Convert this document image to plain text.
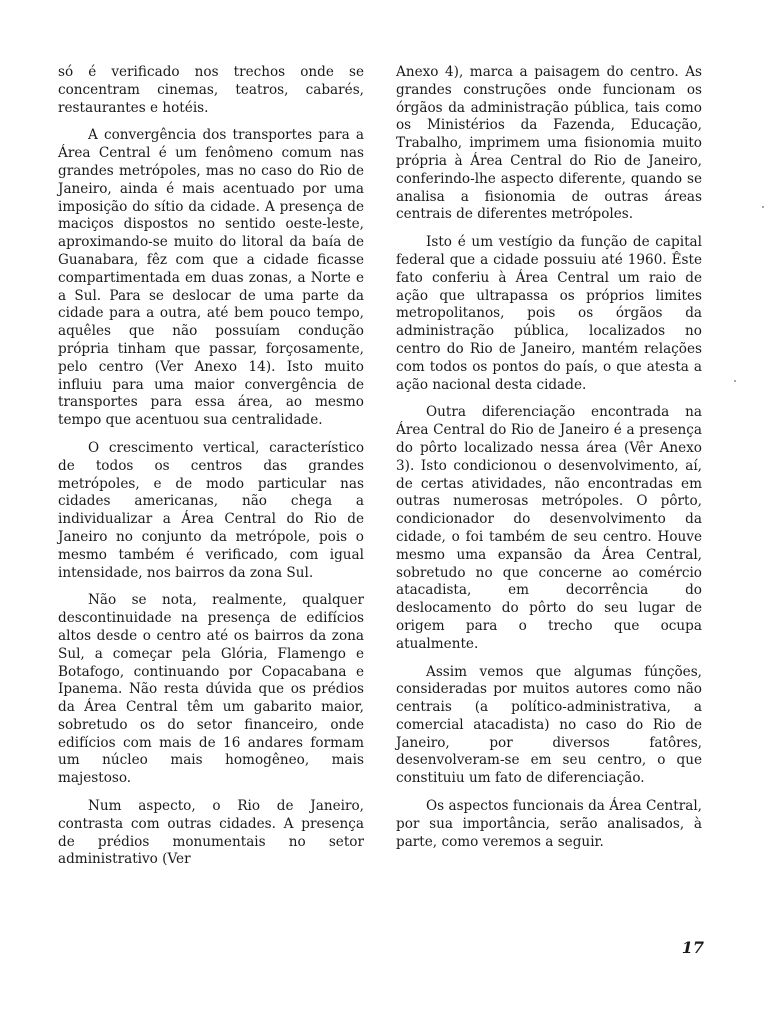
só é verificado nos trechos onde se concentram cinemas, teatros, cabarés, restaurantes e hotéis.

A convergência dos transportes para a Área Central é um fenômeno comum nas grandes metrópoles, mas no caso do Rio de Janeiro, ainda é mais acentuado por uma imposição do sítio da cidade. A presença de maciços dispostos no sentido oeste-leste, aproximando-se muito do litoral da baía de Guanabara, fêz com que a cidade ficasse compartimentada em duas zonas, a Norte e a Sul. Para se deslocar de uma parte da cidade para a outra, até bem pouco tempo, aquêles que não possuíam condução própria tinham que passar, forçosamente, pelo centro (Ver Anexo 14). Isto muito influiu para uma maior convergência de transportes para essa área, ao mesmo tempo que acentuou sua centralidade.

O crescimento vertical, característico de todos os centros das grandes metrópoles, e de modo particular nas cidades americanas, não chega a individualizar a Área Central do Rio de Janeiro no conjunto da metrópole, pois o mesmo também é verificado, com igual intensidade, nos bairros da zona Sul.

Não se nota, realmente, qualquer descontinuidade na presença de edifícios altos desde o centro até os bairros da zona Sul, a começar pela Glória, Flamengo e Botafogo, continuando por Copacabana e Ipanema. Não resta dúvida que os prédios da Área Central têm um gabarito maior, sobretudo os do setor financeiro, onde edifícios com mais de 16 andares formam um núcleo mais homogêneo, mais majestoso.

Num aspecto, o Rio de Janeiro, contrasta com outras cidades. A presença de prédios monumentais no setor administrativo (Ver

Anexo 4), marca a paisagem do centro. As grandes construções onde funcionam os órgãos da administração pública, tais como os Ministérios da Fazenda, Educação, Trabalho, imprimem uma fisionomia muito própria à Área Central do Rio de Janeiro, conferindo-lhe aspecto diferente, quando se analisa a fisionomia de outras áreas centrais de diferentes metrópoles.

Isto é um vestígio da função de capital federal que a cidade possuiu até 1960. Êste fato conferiu à Área Central um raio de ação que ultrapassa os próprios limites metropolitanos, pois os órgãos da administração pública, localizados no centro do Rio de Janeiro, mantém relações com todos os pontos do país, o que atesta a ação nacional desta cidade.

Outra diferenciação encontrada na Área Central do Rio de Janeiro é a presença do pôrto localizado nessa área (Vêr Anexo 3). Isto condicionou o desenvolvimento, aí, de certas atividades, não encontradas em outras numerosas metrópoles. O pôrto, condicionador do desenvolvimento da cidade, o foi também de seu centro. Houve mesmo uma expansão da Área Central, sobretudo no que concerne ao comércio atacadista, em decorrência do deslocamento do pôrto do seu lugar de origem para o trecho que ocupa atualmente.

Assim vemos que algumas fúnções, consideradas por muitos autores como não centrais (a político-administrativa, a comercial atacadista) no caso do Rio de Janeiro, por diversos fatôres, desenvolveram-se em seu centro, o que constituiu um fato de diferenciação.

Os aspectos funcionais da Área Central, por sua importância, serão analisados, à parte, como veremos a seguir.

17
